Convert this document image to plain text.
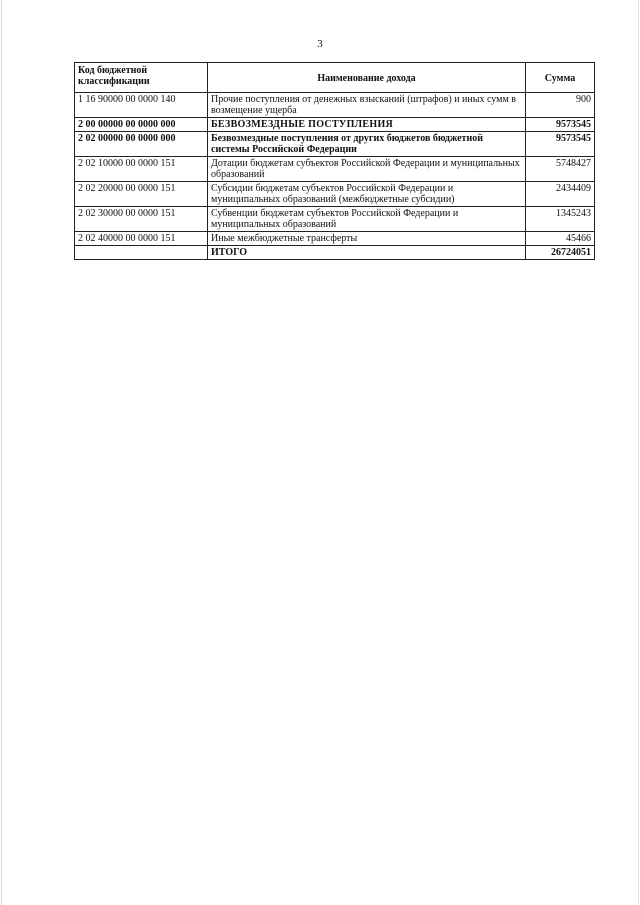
3
Код бюджетной классификации	Наименование дохода	Сумма
1 16 90000 00 0000 140	Прочие поступления от денежных взысканий (штрафов) и иных сумм в возмещение ущерба	900
2 00 00000 00 0000 000	БЕЗВОЗМЕЗДНЫЕ ПОСТУПЛЕНИЯ	9573545
2 02 00000 00 0000 000	Безвозмездные поступления от других бюджетов бюджетной системы Российской Федерации	9573545
2 02 10000 00 0000 151	Дотации бюджетам субъектов Российской Федерации и муниципальных образований	5748427
2 02 20000 00 0000 151	Субсидии бюджетам субъектов Российской Федерации и муниципальных образований (межбюджетные субсидии)	2434409
2 02 30000 00 0000 151	Субвенции бюджетам субъектов Российской Федерации и муниципальных образований	1345243
2 02 40000 00 0000 151	Иные межбюджетные трансферты	45466
	ИТОГО	26724051
